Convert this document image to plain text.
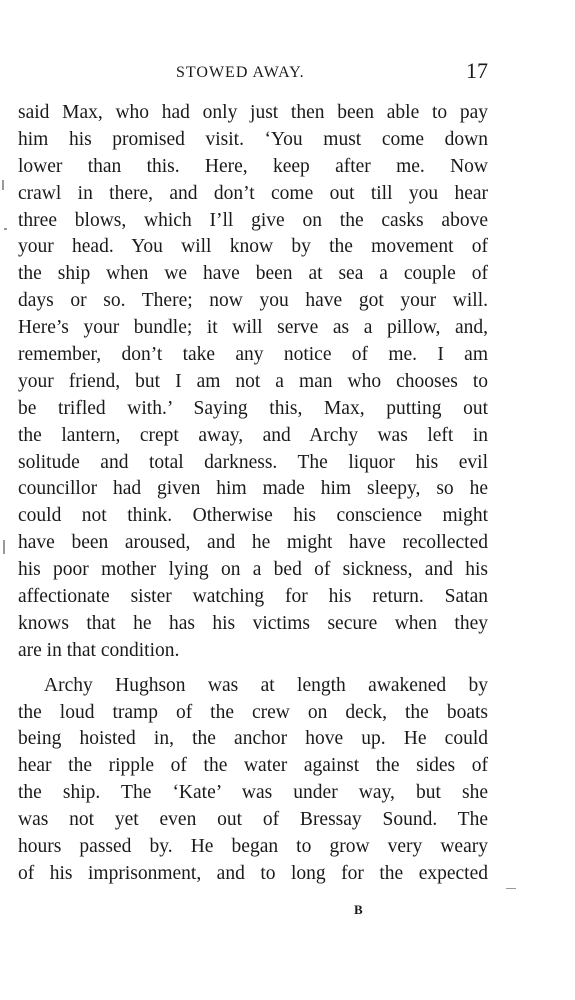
STOWED AWAY.	17
said Max, who had only just then been able to pay
him his promised visit. ‘You must come down
lower than this. Here, keep after me. Now
crawl in there, and don’t come out till you hear
three blows, which I’ll give on the casks above
your head. You will know by the movement of
the ship when we have been at sea a couple of
days or so. There; now you have got your will.
Here’s your bundle; it will serve as a pillow, and,
remember, don’t take any notice of me. I am
your friend, but I am not a man who chooses to
be trifled with.’ Saying this, Max, putting out
the lantern, crept away, and Archy was left in
solitude and total darkness. The liquor his evil
councillor had given him made him sleepy, so he
could not think. Otherwise his conscience might
have been aroused, and he might have recollected
his poor mother lying on a bed of sickness, and his
affectionate sister watching for his return. Satan
knows that he has his victims secure when they
are in that condition.
Archy Hughson was at length awakened by
the loud tramp of the crew on deck, the boats
being hoisted in, the anchor hove up. He could
hear the ripple of the water against the sides of
the ship. The ‘Kate’ was under way, but she
was not yet even out of Bressay Sound. The
hours passed by. He began to grow very weary
of his imprisonment, and to long for the expected
B
